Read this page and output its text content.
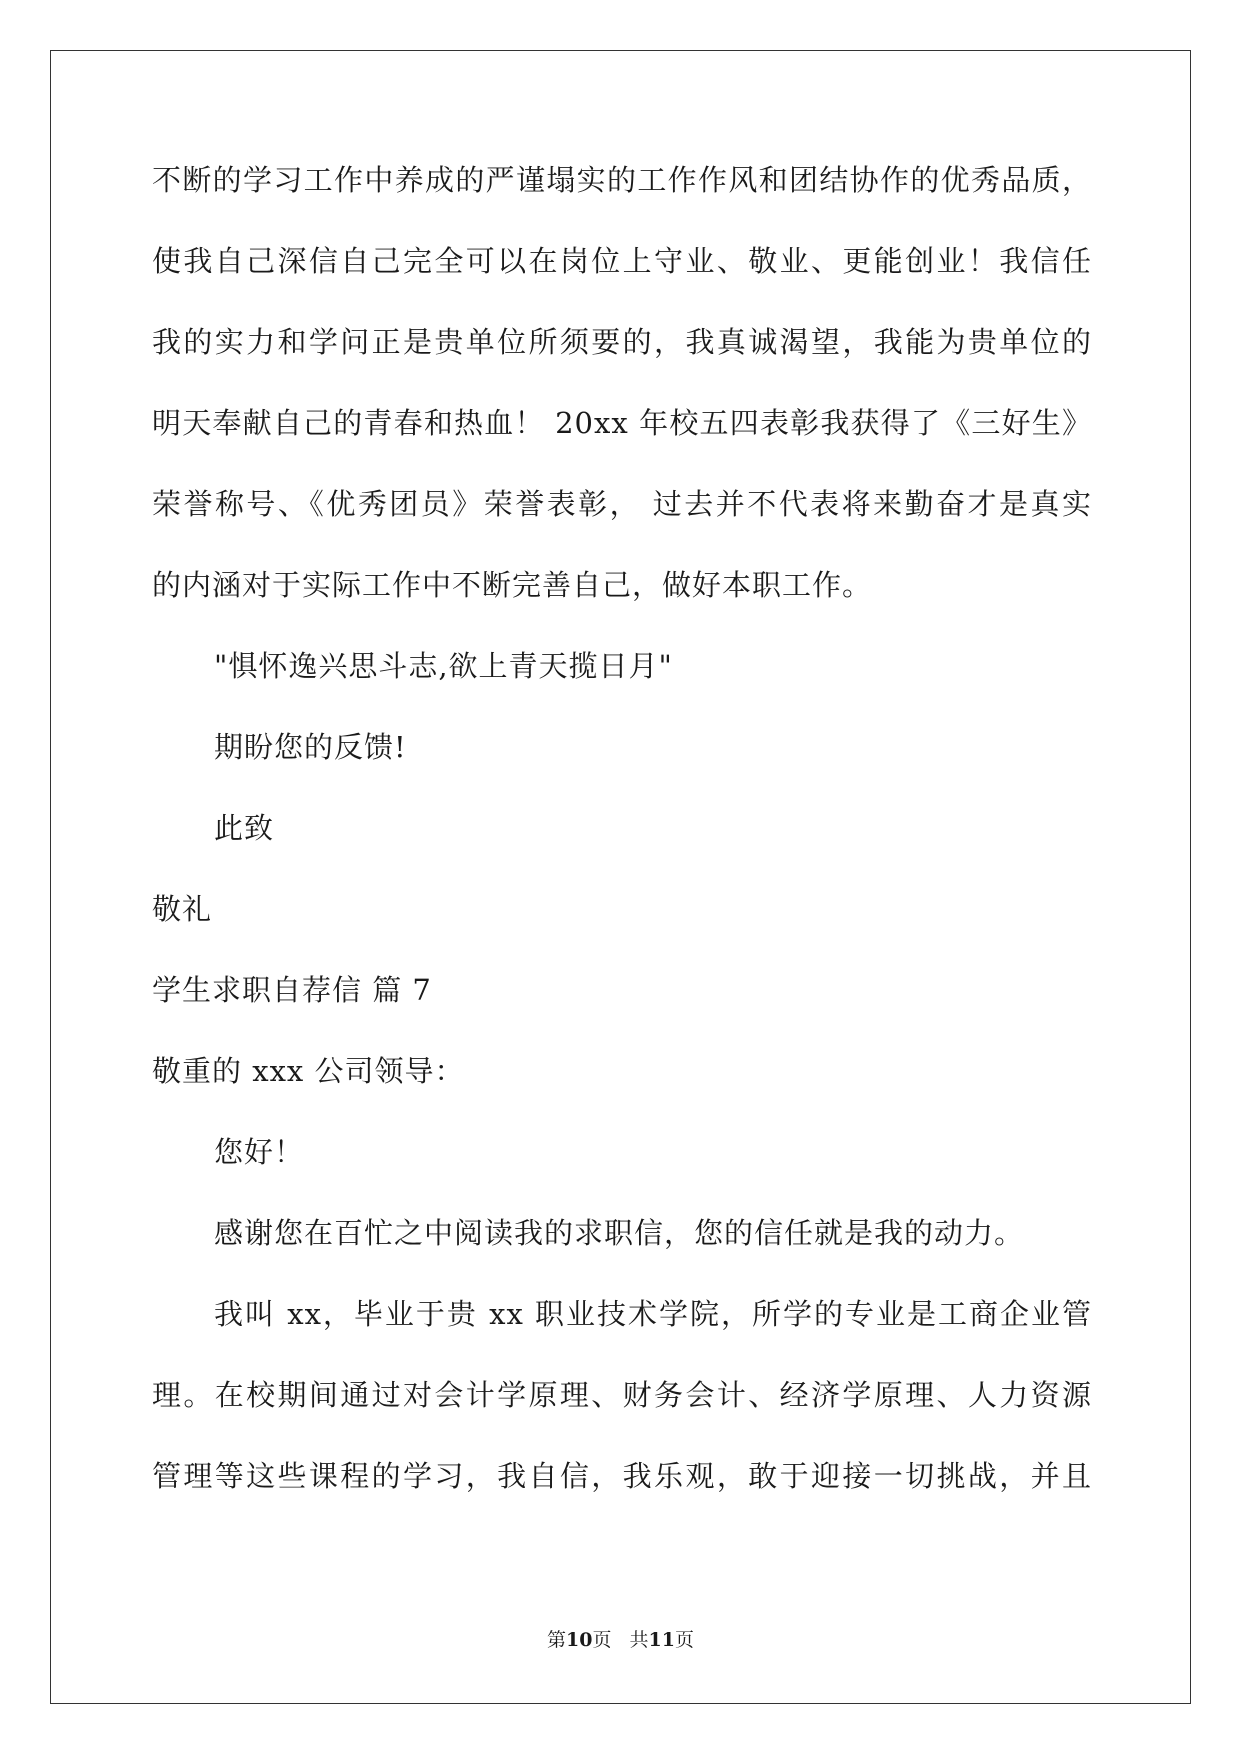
不断的学习工作中养成的严谨塌实的工作作风和团结协作的优秀品质，
使我自己深信自己完全可以在岗位上守业、敬业、更能创业！我信任
我的实力和学问正是贵单位所须要的，我真诚渴望，我能为贵单位的
明天奉献自己的青春和热血！ 20xx 年校五四表彰我获得了《三好生》
荣誉称号、《优秀团员》荣誉表彰， 过去并不代表将来勤奋才是真实
的内涵对于实际工作中不断完善自己，做好本职工作。
"惧怀逸兴思斗志,欲上青天揽日月"
期盼您的反馈!
此致
敬礼
学生求职自荐信 篇 7
敬重的 xxx 公司领导：
您好！
感谢您在百忙之中阅读我的求职信，您的信任就是我的动力。
我叫 xx，毕业于贵 xx 职业技术学院，所学的专业是工商企业管
理。在校期间通过对会计学原理、财务会计、经济学原理、人力资源
管理等这些课程的学习，我自信，我乐观，敢于迎接一切挑战，并且
第10页 共11页
